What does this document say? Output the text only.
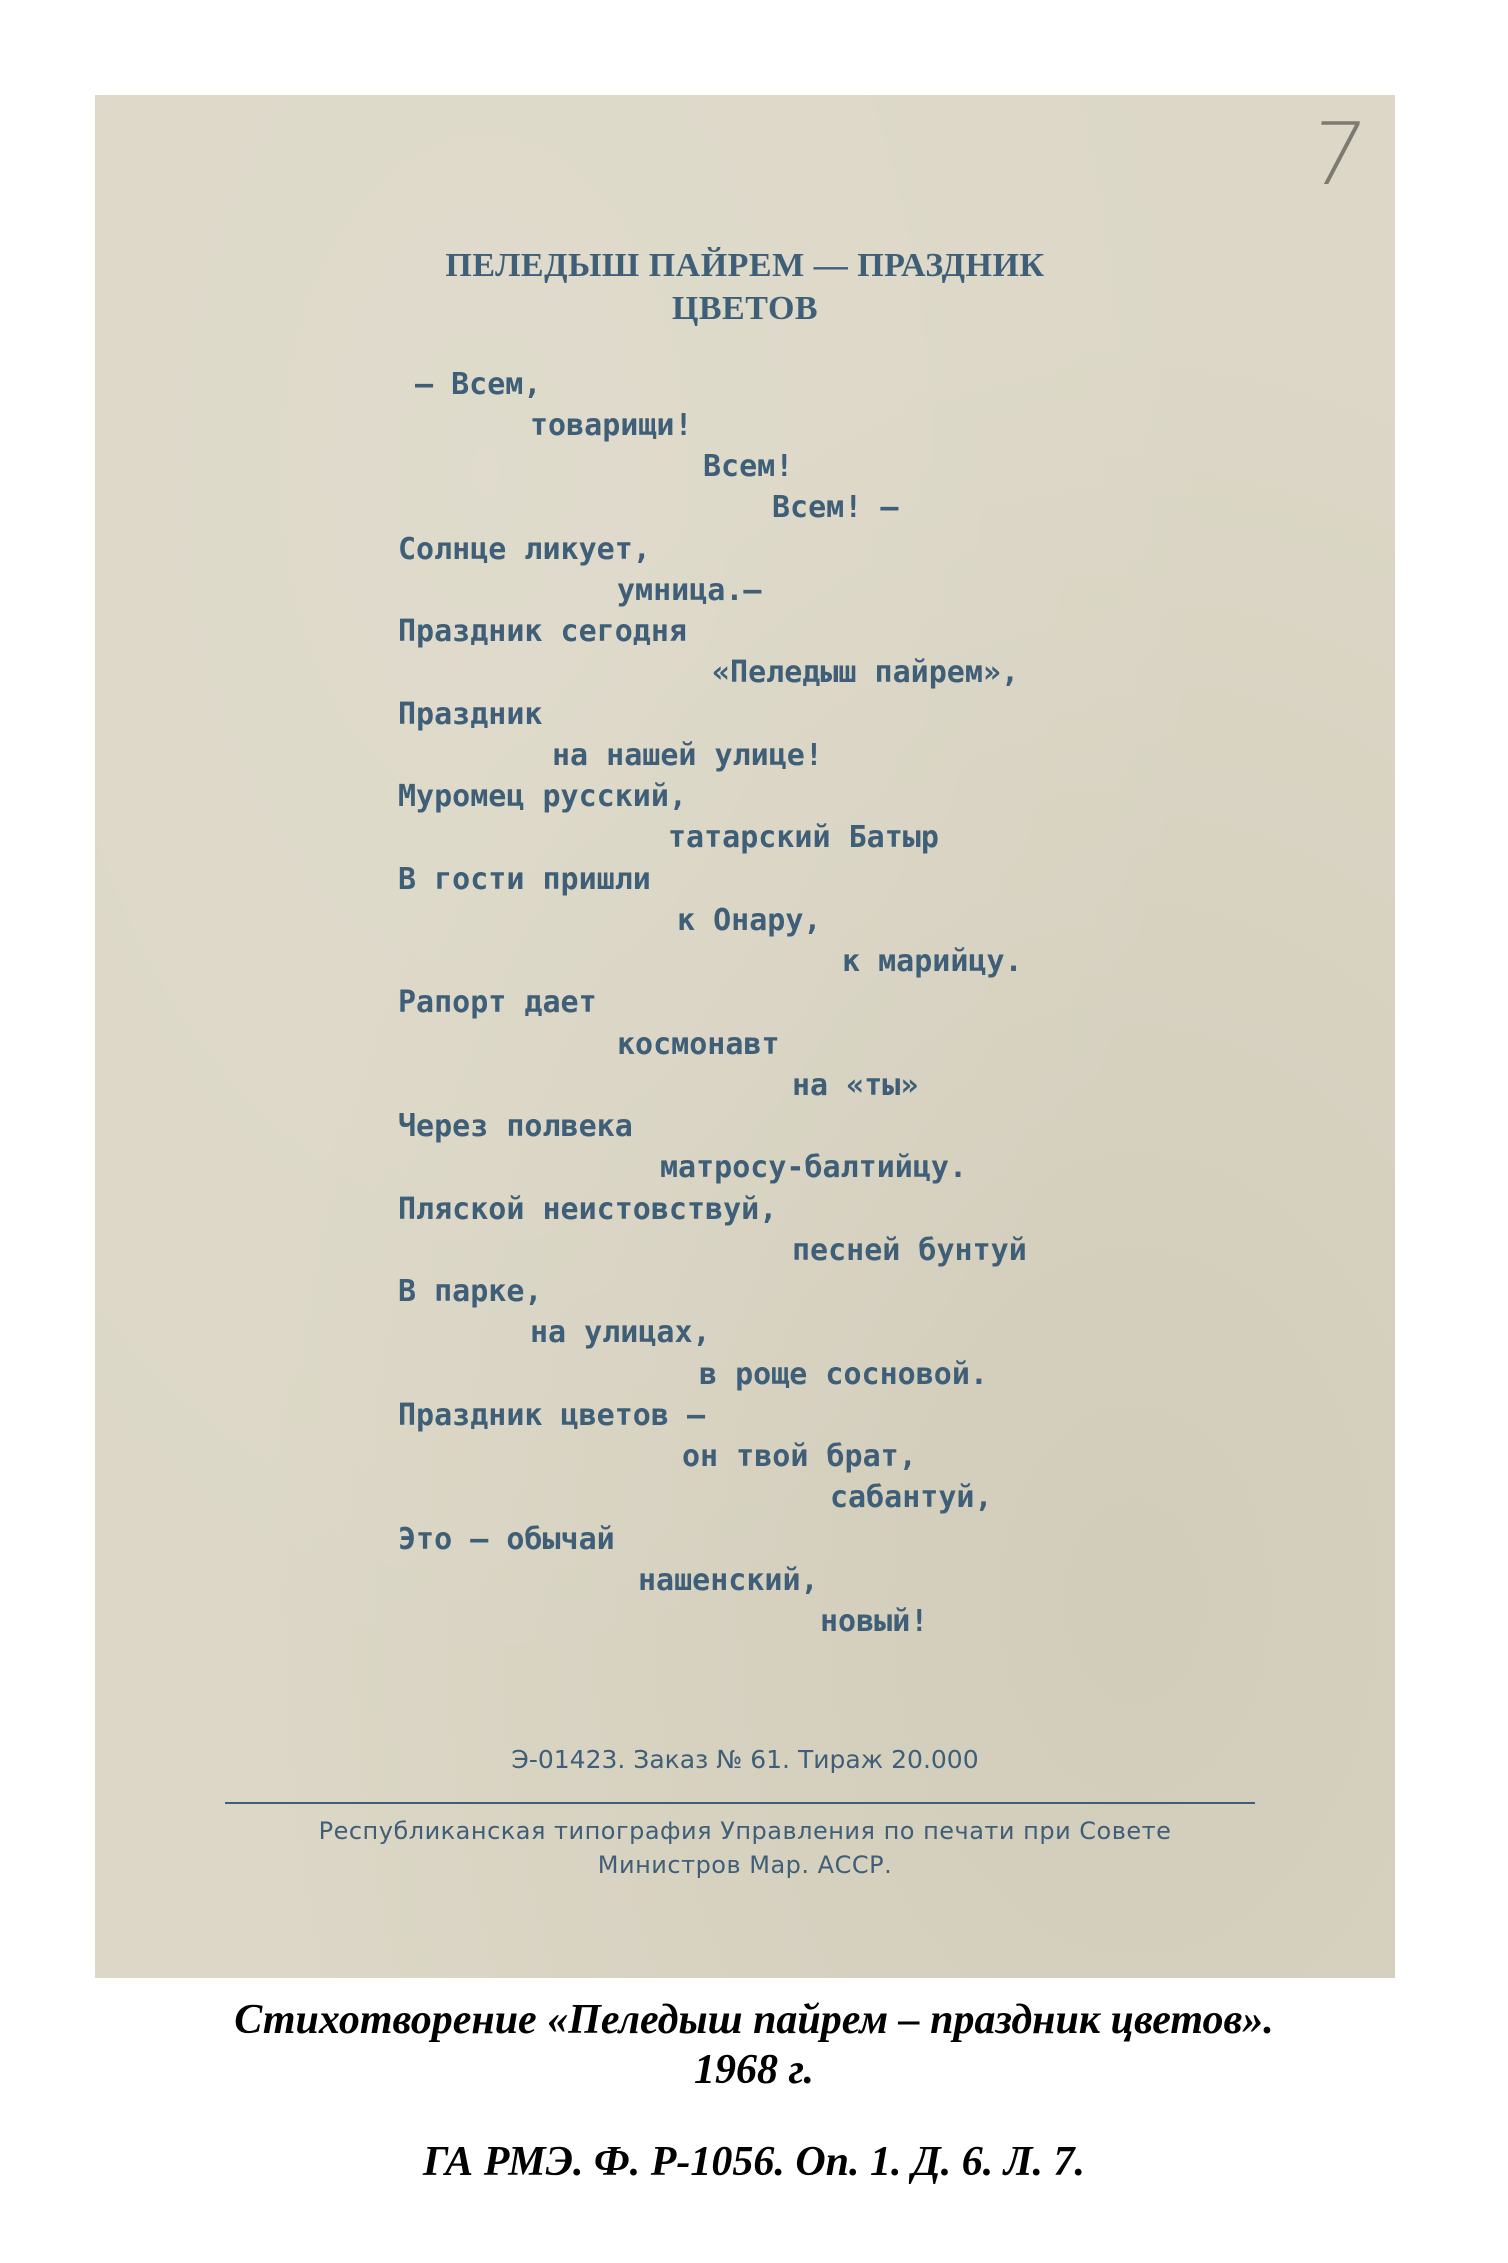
7
ПЕЛЕДЫШ ПАЙРЕМ — ПРАЗДНИК
ЦВЕТОВ
— Всем,
товарищи!
Всем!
Всем! —
Солнце ликует,
умница.—
Праздник сегодня
«Пеледыш пайрем»,
Праздник
на нашей улице!
Муромец русский,
татарский Батыр
В гости пришли
к Онару,
к марийцу.
Рапорт дает
космонавт
на «ты»
Через полвека
матросу-балтийцу.
Пляской неистовствуй,
песней бунтуй
В парке,
на улицах,
в роще сосновой.
Праздник цветов —
он твой брат,
сабантуй,
Это — обычай
нашенский,
новый!
Э-01423. Заказ № 61. Тираж 20.000
Республиканская типография Управления по печати при Совете
Министров Мар. АССР.
Стихотворение «Пеледыш пайрем – праздник цветов».
1968 г.
ГА РМЭ. Ф. Р-1056. Оп. 1. Д. 6. Л. 7.
